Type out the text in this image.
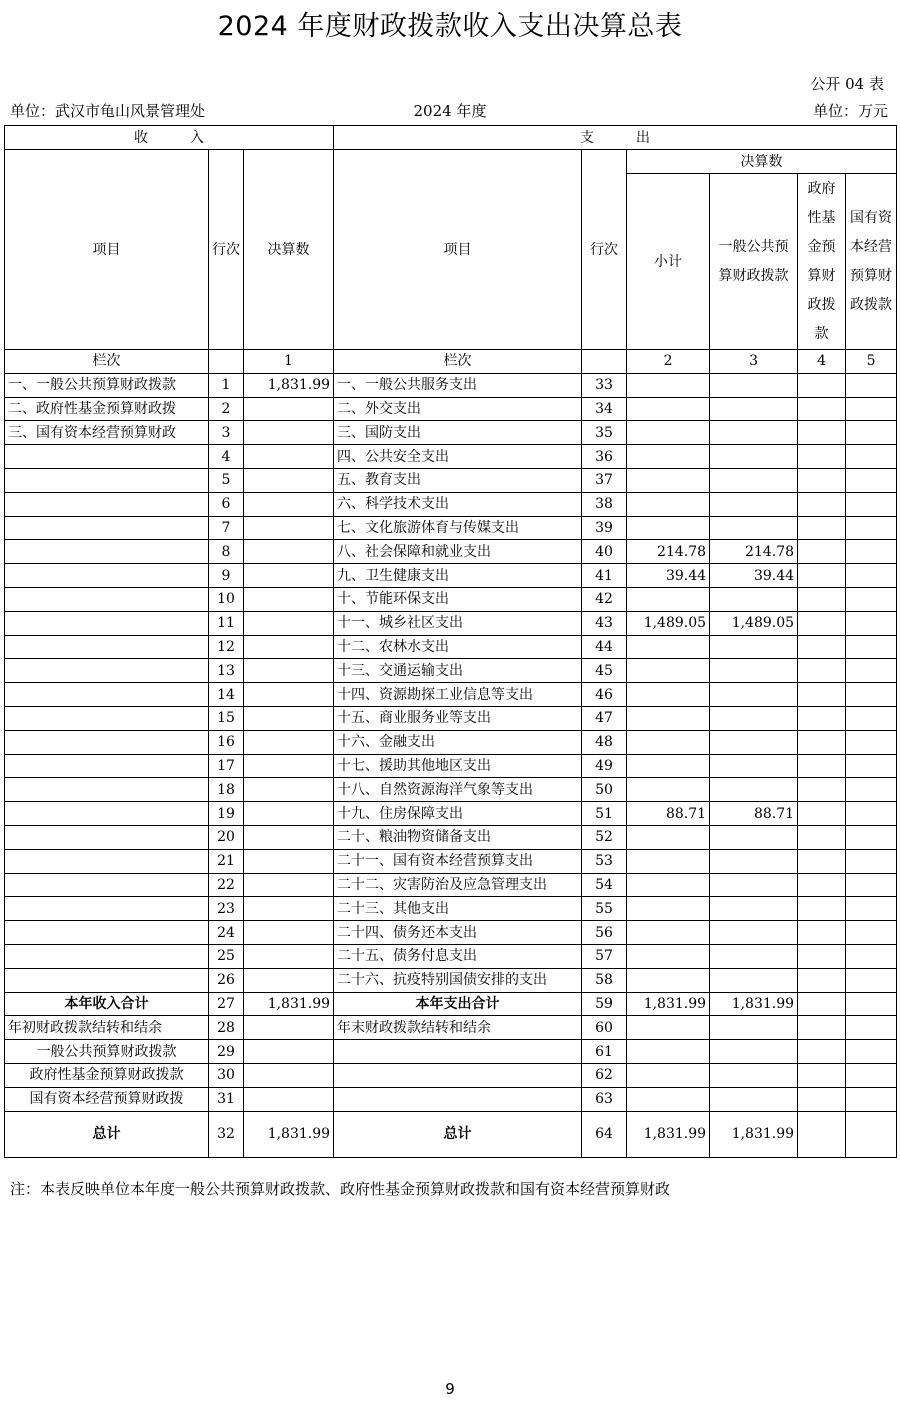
2024 年度财政拨款收入支出决算总表
公开 04 表
单位：武汉市龟山风景管理处	2024 年度	单位：万元
收　　　入			支　　　出					
项目	行次	决算数	项目	行次	决算数			
					小计	一般公共预算财政拨款	政府性基金预算财政拨款	国有资本经营预算财政拨款
栏次		1	栏次		2	3	4	5
一、一般公共预算财政拨款	1	1,831.99	一、一般公共服务支出	33				
二、政府性基金预算财政拨	2		二、外交支出	34				
三、国有资本经营预算财政	3		三、国防支出	35				
	4		四、公共安全支出	36				
	5		五、教育支出	37				
	6		六、科学技术支出	38				
	7		七、文化旅游体育与传媒支出	39				
	8		八、社会保障和就业支出	40	214.78	214.78		
	9		九、卫生健康支出	41	39.44	39.44		
	10		十、节能环保支出	42				
	11		十一、城乡社区支出	43	1,489.05	1,489.05		
	12		十二、农林水支出	44				
	13		十三、交通运输支出	45				
	14		十四、资源勘探工业信息等支出	46				
	15		十五、商业服务业等支出	47				
	16		十六、金融支出	48				
	17		十七、援助其他地区支出	49				
	18		十八、自然资源海洋气象等支出	50				
	19		十九、住房保障支出	51	88.71	88.71		
	20		二十、粮油物资储备支出	52				
	21		二十一、国有资本经营预算支出	53				
	22		二十二、灾害防治及应急管理支出	54				
	23		二十三、其他支出	55				
	24		二十四、债务还本支出	56				
	25		二十五、债务付息支出	57				
	26		二十六、抗疫特别国债安排的支出	58				
本年收入合计	27	1,831.99	本年支出合计	59	1,831.99	1,831.99		
年初财政拨款结转和结余	28		年末财政拨款结转和结余	60				
一般公共预算财政拨款	29			61				
政府性基金预算财政拨款	30			62				
国有资本经营预算财政拨	31			63				
总计	32	1,831.99	总计	64	1,831.99	1,831.99		
注：本表反映单位本年度一般公共预算财政拨款、政府性基金预算财政拨款和国有资本经营预算财政
9
